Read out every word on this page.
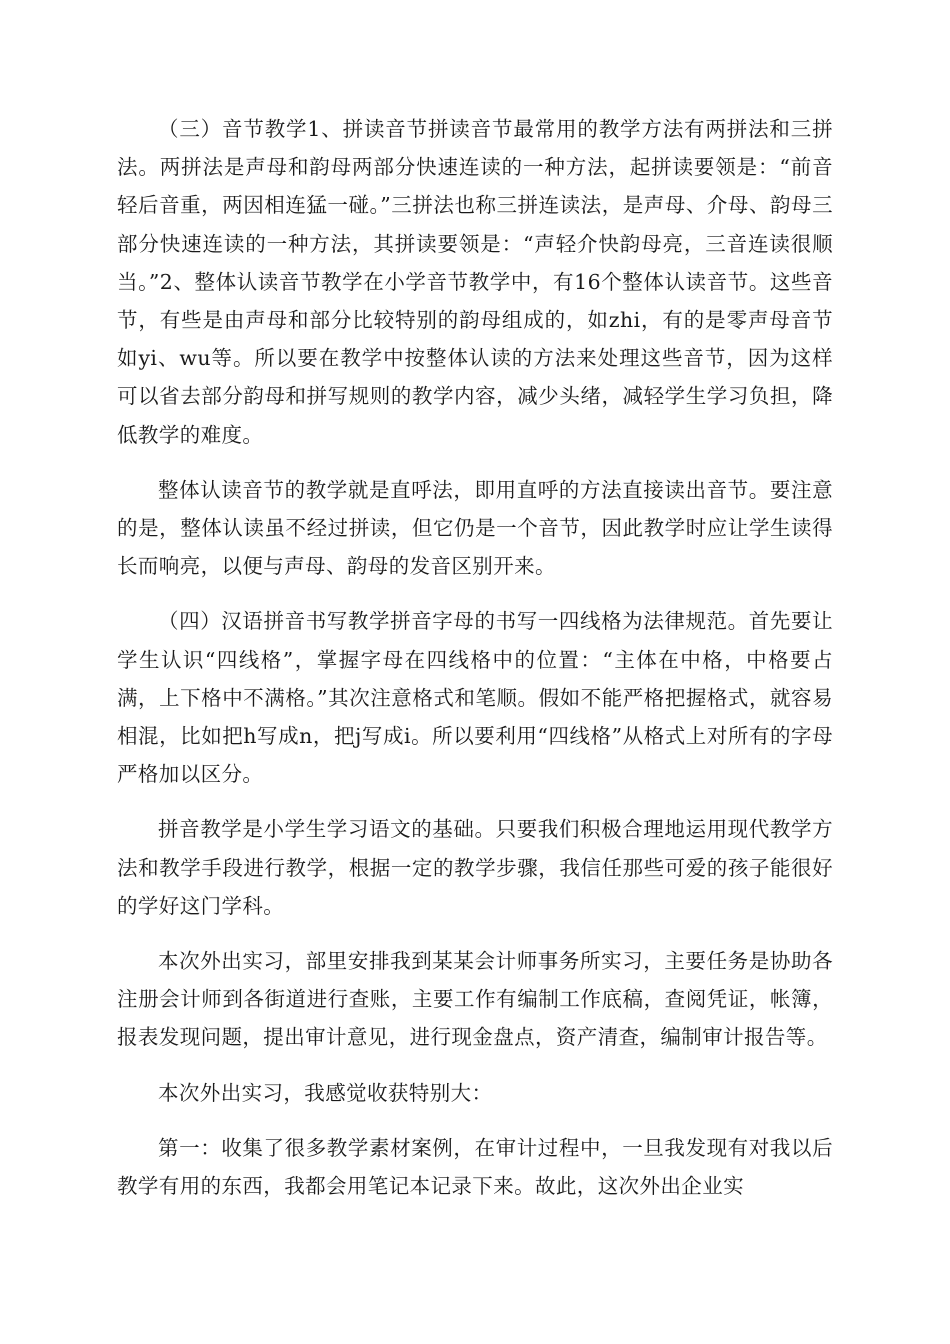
（三）音节教学1、拼读音节拼读音节最常用的教学方法有两拼法和三拼法。两拼法是声母和韵母两部分快速连读的一种方法，起拼读要领是：“前音轻后音重，两因相连猛一碰。”三拼法也称三拼连读法，是声母、介母、韵母三部分快速连读的一种方法，其拼读要领是：“声轻介快韵母亮，三音连读很顺当。”2、整体认读音节教学在小学音节教学中，有16个整体认读音节。这些音节，有些是由声母和部分比较特别的韵母组成的，如zhi，有的是零声母音节如yi、wu等。所以要在教学中按整体认读的方法来处理这些音节，因为这样可以省去部分韵母和拼写规则的教学内容，减少头绪，减轻学生学习负担，降低教学的难度。

整体认读音节的教学就是直呼法，即用直呼的方法直接读出音节。要注意的是，整体认读虽不经过拼读，但它仍是一个音节，因此教学时应让学生读得长而响亮，以便与声母、韵母的发音区别开来。

（四）汉语拼音书写教学拼音字母的书写一四线格为法律规范。首先要让学生认识“四线格”，掌握字母在四线格中的位置：“主体在中格，中格要占满，上下格中不满格。”其次注意格式和笔顺。假如不能严格把握格式，就容易相混，比如把h写成n，把j写成i。所以要利用“四线格”从格式上对所有的字母严格加以区分。

拼音教学是小学生学习语文的基础。只要我们积极合理地运用现代教学方法和教学手段进行教学，根据一定的教学步骤，我信任那些可爱的孩子能很好的学好这门学科。

本次外出实习，部里安排我到某某会计师事务所实习，主要任务是协助各注册会计师到各街道进行查账，主要工作有编制工作底稿，查阅凭证，帐簿，报表发现问题，提出审计意见，进行现金盘点，资产清查，编制审计报告等。

本次外出实习，我感觉收获特别大：

第一：收集了很多教学素材案例，在审计过程中，一旦我发现有对我以后教学有用的东西，我都会用笔记本记录下来。故此，这次外出企业实
